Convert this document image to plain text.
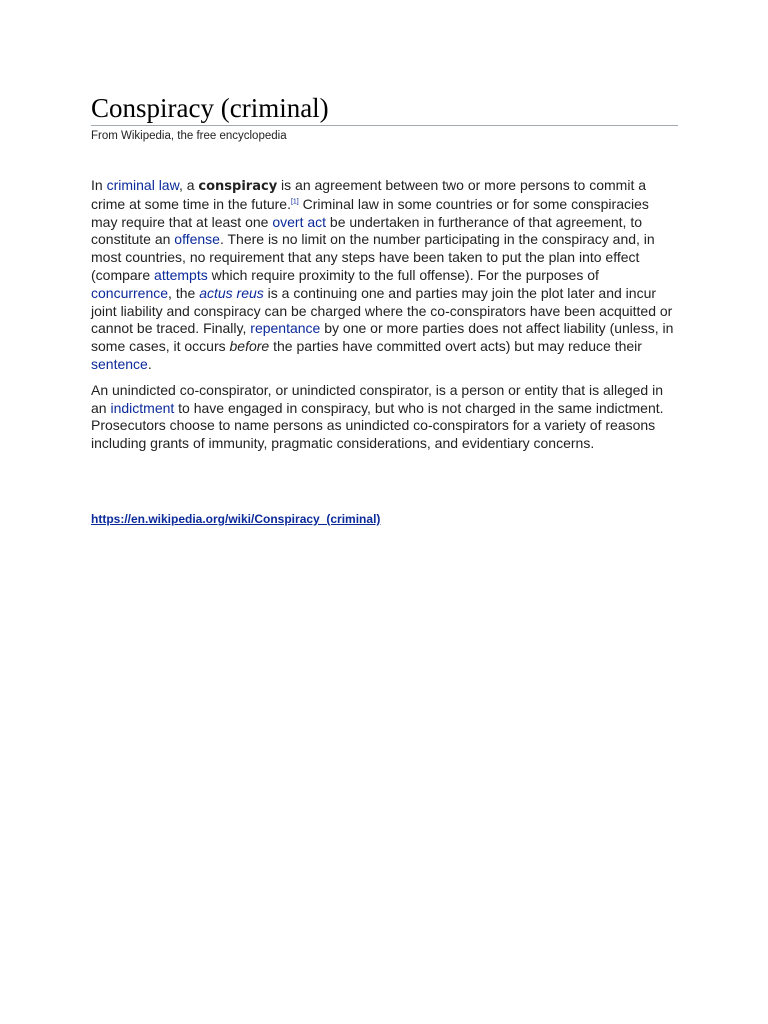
Conspiracy (criminal)
From Wikipedia, the free encyclopedia

In criminal law, a conspiracy is an agreement between two or more persons to commit a crime at some time in the future.[1] Criminal law in some countries or for some conspiracies may require that at least one overt act be undertaken in furtherance of that agreement, to constitute an offense. There is no limit on the number participating in the conspiracy and, in most countries, no requirement that any steps have been taken to put the plan into effect (compare attempts which require proximity to the full offense). For the purposes of concurrence, the actus reus is a continuing one and parties may join the plot later and incur joint liability and conspiracy can be charged where the co-conspirators have been acquitted or cannot be traced. Finally, repentance by one or more parties does not affect liability (unless, in some cases, it occurs before the parties have committed overt acts) but may reduce their sentence.

An unindicted co-conspirator, or unindicted conspirator, is a person or entity that is alleged in an indictment to have engaged in conspiracy, but who is not charged in the same indictment. Prosecutors choose to name persons as unindicted co-conspirators for a variety of reasons including grants of immunity, pragmatic considerations, and evidentiary concerns.

https://en.wikipedia.org/wiki/Conspiracy_(criminal)
